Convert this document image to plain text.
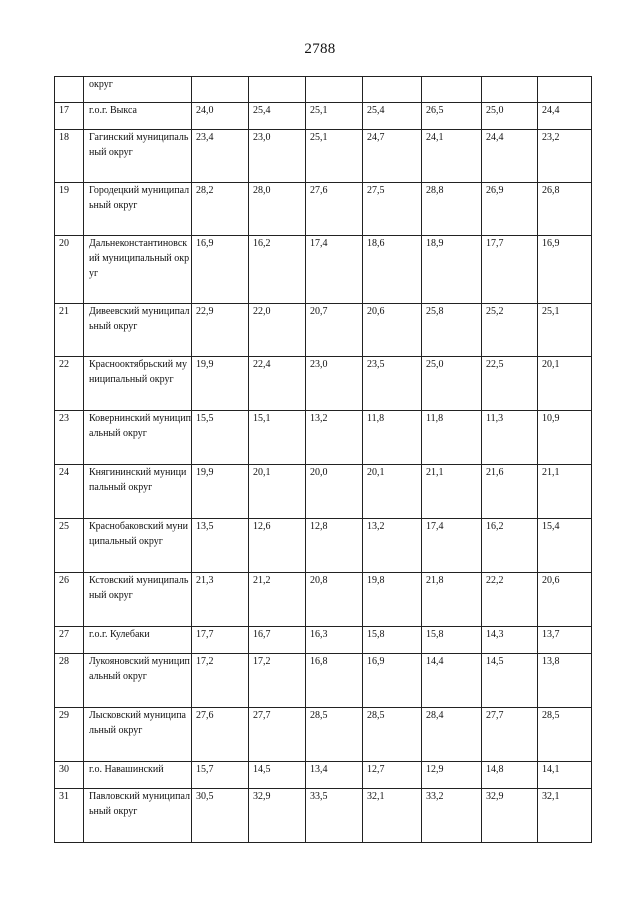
2788
	округ							
17	г.о.г. Выкса	24,0	25,4	25,1	25,4	26,5	25,0	24,4
18	Гагинский муниципальный округ	23,4	23,0	25,1	24,7	24,1	24,4	23,2
19	Городецкий муниципальный округ	28,2	28,0	27,6	27,5	28,8	26,9	26,8
20	Дальнеконстантиновский муниципальный округ	16,9	16,2	17,4	18,6	18,9	17,7	16,9
21	Дивеевский муниципальный округ	22,9	22,0	20,7	20,6	25,8	25,2	25,1
22	Краснооктябрьский муниципальный округ	19,9	22,4	23,0	23,5	25,0	22,5	20,1
23	Ковернинский муниципальный округ	15,5	15,1	13,2	11,8	11,8	11,3	10,9
24	Княгининский муниципальный округ	19,9	20,1	20,0	20,1	21,1	21,6	21,1
25	Краснобаковский муниципальный округ	13,5	12,6	12,8	13,2	17,4	16,2	15,4
26	Кстовский муниципальный округ	21,3	21,2	20,8	19,8	21,8	22,2	20,6
27	г.о.г. Кулебаки	17,7	16,7	16,3	15,8	15,8	14,3	13,7
28	Лукояновский муниципальный округ	17,2	17,2	16,8	16,9	14,4	14,5	13,8
29	Лысковский муниципальный округ	27,6	27,7	28,5	28,5	28,4	27,7	28,5
30	г.о. Навашинский	15,7	14,5	13,4	12,7	12,9	14,8	14,1
31	Павловский муниципальный округ	30,5	32,9	33,5	32,1	33,2	32,9	32,1
